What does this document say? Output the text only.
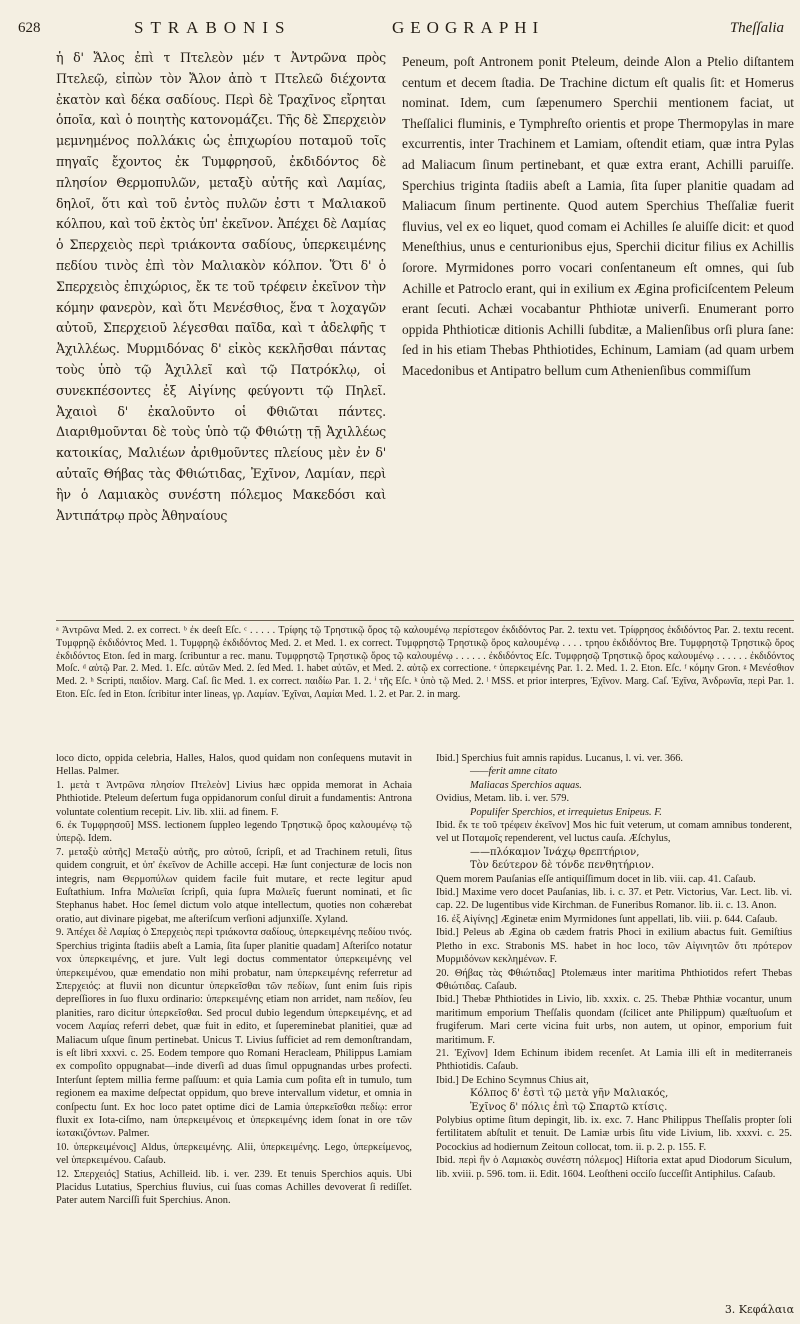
628	STRABONIS	GEOGRAPHI	Theſſalia

ἡ δ' Ἄλος ἐπὶ τ Πτελεὸν μέν τ Ἀντρῶνα πρὸς Πτελεῷ, εἰπὼν τὸν Ἄλον ἀπὸ τ Πτελεῶ διέχοντα ἐκατὸν καὶ δέκα σαδίους. Περὶ δὲ Τραχῖνος εἴρηται ὁποῖα, καὶ ὁ ποιητὴς κατονομάζει. Τῆς δὲ Σπερχειὸν μεμνημένος πολλάκις ὡς ἐπιχωρίου ποταμοῦ τοῖς πηγαῖς ἔχοντος ἐκ Τυμφρησοῦ, ἐκδιδόντος δὲ πλησίον Θερμοπυλῶν, μεταξὺ αὐτῆς καὶ Λαμίας, δηλοῖ, ὅτι καὶ τοῦ ἐντὸς πυλῶν ἐστι τ Μαλιακοῦ κόλπου, καὶ τοῦ ἐκτὸς ὑπ' ἐκεῖνον. Ἀπέχει δὲ Λαμίας ὁ Σπερχειὸς περὶ τριάκοντα σαδίους, ὑπερκειμένης πεδίου τινὸς ἐπὶ τὸν Μαλιακὸν κόλπον. Ὅτι δ' ὁ Σπερχειὸς ἐπιχώριος, ἔκ τε τοῦ τρέφειν ἐκεῖνον τὴν κόμην φανερὸν, καὶ ὅτι Μενέσθιος, ἕνα τ λοχαγῶν αὐτοῦ, Σπερχειοῦ λέγεσθαι παῖδα, καὶ τ ἀδελφῆς τ Ἀχιλλέως. Μυρμιδόνας δ' εἰκὸς κεκλῆσθαι πάντας τοὺς ὑπὸ τῷ Ἀχιλλεῖ καὶ τῷ Πατρόκλῳ, οἱ συνεκπέσοντες ἐξ Αἰγίνης φεύγοντι τῷ Πηλεῖ. Ἀχαιοὶ δ' ἐκαλοῦντο οἱ Φθιῶται πάντες. Διαριθμοῦνται δὲ τοὺς ὑπὸ τῷ Φθιώτῃ τῇ Ἀχιλλέως κατοικίας, Μαλιέων ἀριθμοῦντες πλείους μὲν ἐν δ' αὐταῖς Θήβας τὰς Φθιώτιδας, Ἐχῖνον, Λαμίαν, περὶ ἣν ὁ Λαμιακὸς συνέστη πόλεμος Μακεδόσι καὶ Ἀντιπάτρῳ πρὸς Ἀθηναίους

Peneum, poſt Antronem ponit Pteleum, deinde Alon a Ptelio diſtantem centum et decem ſtadia. De Trachine dictum eſt qualis ſit: et Homerus nominat. Idem, cum ſæpenumero Sperchii mentionem faciat, ut Theſſalici fluminis, e Tymphreſto orientis et prope Thermopylas in mare excurrentis, inter Trachinem et Lamiam, oſtendit etiam, quæ intra Pylas ad Maliacum ſinum pertinebant, et quæ extra erant, Achilli paruiſſe. Sperchius triginta ſtadiis abeſt a Lamia, ſita ſuper planitie quadam ad Maliacum ſinum pertinente. Quod autem Sperchius Theſſaliæ fuerit fluvius, vel ex eo liquet, quod comam ei Achilles ſe aluiſſe dicit: et quod Meneſthius, unus e centurionibus ejus, Sperchii dicitur filius ex Achillis ſorore. Myrmidones porro vocari conſentaneum eſt omnes, qui ſub Achille et Patroclo erant, qui in exilium ex Ægina proficiſcentem Peleum erant ſecuti. Achæi vocabantur Phthiotæ univerſi. Enumerant porro oppida Phthioticæ ditionis Achilli ſubditæ, a Malienſibus orſi plura ſane: ſed in his etiam Thebas Phthiotides, Echinum, Lamiam (ad quam urbem Macedonibus et Antipatro bellum cum Athenienſibus commiſſum

ᵃ Ἀντρῶνα Med. 2. ex correct. ᵇ ἐκ deeſt Eſc. ᶜ . . . . . Τρίφης τῷ Τρηστικῷ ὄρος τῷ καλουμένῳ περίστεϱον ἐκδιδόντος Par. 2. textu vet. Τρίφρησος ἐκδιδόντος Par. 2. textu recent. Τυμφρηῷ ἐκδιδόντος Med. 1. Τυμφρηῷ ἐκδιδόντος Med. 2. et Med. 1. ex correct. Τυμφρηστῷ Τρηστικῷ ὄρος καλουμένῳ . . . . τρηου ἐκδιδόντος Bre. Τυμφρηστῷ Τρηστικῷ ὄρος ἐκδιδόντος Eton. ſed in marg. ſcribuntur a rec. manu. Τυμφρηστῷ Τρηστικῷ ὄρος τῷ καλουμένῳ . . . . . . ἐκδιδόντος Eſc. Τυμφρησῷ Τρηστικῷ ὄρος καλουμένῳ . . . . . . ἐκδιδόντος Moſc. ᵈ αὐτῷ Par. 2. Med. 1. Eſc. αὐτῶν Med. 2. ſed Med. 1. habet αὐτῶν, et Med. 2. αὐτῷ ex correctione. ᵉ ὑπερκειμένης Par. 1. 2. Med. 1. 2. Eton. Eſc. ᶠ κόμην Gron. ᵍ Μενέσθιον Med. 2. ʰ Scripti, παιδίον. Marg. Caſ. ſic Med. 1. ex correct. παιδίω Par. 1. 2. ⁱ τῆς Eſc. ᵏ ὑπὸ τῷ Med. 2. ˡ MSS. et prior interpres, Ἐχῖνον. Marg. Caſ. Ἐχῖνα, Ἀνδρωνῖα, περὶ Par. 1. Eton. Eſc. ſed in Eton. ſcribitur inter lineas, γρ. Λαμίαν. Ἐχῖναι, Λαμίαι Med. 1. 2. et Par. 2. in marg.

loco dicto, oppida celebria, Halles, Halos, quod quidam non conſequens mutavit in Hellas. Palmer.

1. μετὰ τ Ἀντρῶνα πλησίον Πτελεὸν] Livius hæc oppida memorat in Achaia Phthiotide. Pteleum deſertum fuga oppidanorum conſul diruit a fundamentis: Antrona voluntate colentium recepit. Liv. lib. xlii. ad finem. F.

6. ἐκ Τυμφρησοῦ] MSS. lectionem ſuppleo legendo Τρηστικῷ ὄρος καλουμένῳ τῷ ὑπερῷ. Idem.

7. μεταξὺ αὐτῆς] Μεταξὺ αὐτῆς, pro αὐτοῦ, ſcripſi, et ad Trachinem retuli, ſitus quidem congruit, et ὑπ' ἐκεῖνον de Achille accepi. Hæ ſunt conjecturæ de locis non integris, nam Θερμοπύλων quidem facile fuit mutare, et recte legitur apud Euſtathium. Infra Μαλιεῖαι ſcripſi, quia ſupra Μαλιεῖς fuerunt nominati, et ſic Stephanus habet. Hoc ſemel dictum volo atque intellectum, quoties non cohærebat oratio, aut divinare pigebat, me aſteriſcum verſioni adjunxiſſe. Xyland.

9. Ἀπέχει δὲ Λαμίας ὁ Σπερχειὸς περὶ τριάκοντα σαδίους, ὑπερκειμένης πεδίου τινός. Sperchius triginta ſtadiis abeſt a Lamia, ſita ſuper planitie quadam] Aſteriſco notatur vox ὑπερκειμένης, et jure. Vult legi doctus commentator ὑπερκειμένης vel ὑπερκειμένου, quæ emendatio non mihi probatur, nam ὑπερκειμένης referretur ad Σπερχειός: at fluvii non dicuntur ὑπερκεῖσθαι τῶν πεδίων, ſunt enim ſuis ripis depreſſiores in ſuo fluxu ordinario: ὑπερκειμένης etiam non arridet, nam πεδίον, ſeu planities, raro dicitur ὑπερκεῖσθαι. Sed procul dubio legendum ὑπερκειμένης, et ad vocem Λαμίας referri debet, quæ fuit in edito, et ſupereminebat planitiei, quæ ad Maliacum uſque ſinum pertinebat. Unicus T. Livius ſufficiet ad rem demonſtrandam, is eſt libri xxxvi. c. 25. Eodem tempore quo Romani Heracleam, Philippus Lamiam ex compoſito oppugnabat—inde diverſi ad duas ſimul oppugnandas urbes profecti. Interſunt ſeptem millia ferme paſſuum: et quia Lamia cum poſita eſt in tumulo, tum regionem ea maxime deſpectat oppidum, quo breve intervallum videtur, et omnia in conſpectu ſunt. Ex hoc loco patet optime dici de Lamia ὑπερκεῖσθαι πεδίῳ: error fluxit ex Iota-ciſmo, nam ὑπερκειμένοις et ὑπερκειμένης idem ſonat in ore τῶν ἰωτακιζόντων. Palmer.

10. ὑπερκειμένοις] Aldus, ὑπερκειμένης. Alii, ὑπερκειμένης. Lego, ὑπερκείμενος, vel ὑπερκειμένου. Caſaub.

12. Σπερχειός] Statius, Achilleid. lib. i. ver. 239. Et tenuis Sperchios aquis. Ubi Placidus Lutatius, Sperchius fluvius, cui ſuas comas Achilles devoverat ſi rediſſet. Pater autem Narciſſi fuit Sperchius. Anon.

Ibid.] Sperchius fuit amnis rapidus. Lucanus, l. vi. ver. 366.

——ferit amne citato

Maliacas Sperchios aquas.

Ovidius, Metam. lib. i. ver. 579.

Populifer Sperchios, et irrequietus Enipeus. F.

Ibid. ἔκ τε τοῦ τρέφειν ἐκεῖνον] Mos hic fuit veterum, ut comam amnibus tonderent, vel ut Ποταμοῖς rependerent, vel luctus cauſa. Æſchylus,

——πλόκαμον Ἰνάχῳ θρεπτήριον,

Τὸν δεύτερον δὲ τόνδε πενθητήριον.

Quem morem Pauſanias eſſe antiquiſſimum docet in lib. viii. cap. 41. Caſaub.

Ibid.] Maxime vero docet Pauſanias, lib. i. c. 37. et Petr. Victorius, Var. Lect. lib. vi. cap. 22. De lugentibus vide Kirchman. de Funeribus Romanor. lib. ii. c. 13. Anon.

16. ἐξ Αἰγίνης] Æginetæ enim Myrmidones ſunt appellati, lib. viii. p. 644. Caſaub.

Ibid.] Peleus ab Ægina ob cædem fratris Phoci in exilium abactus fuit. Gemiſtius Pletho in exc. Strabonis MS. habet in hoc loco, τῶν Αἰγινητῶν ὅτι πρότερον Μυρμιδόνων κεκλημένων. F.

20. Θήβας τὰς Φθιώτιδας] Ptolemæus inter maritima Phthiotidos refert Thebas Φθιώτιδας. Caſaub.

Ibid.] Thebæ Phthiotides in Livio, lib. xxxix. c. 25. Thebæ Phthiæ vocantur, unum maritimum emporium Theſſalis quondam (ſcilicet ante Philippum) quæſtuoſum et frugiferum. Mari certe vicina fuit urbs, non autem, ut opinor, emporium fuit maritimum. F.

21. Ἐχῖνον] Idem Echinum ibidem recenſet. At Lamia illi eſt in mediterraneis Phthiotidis. Caſaub.

Ibid.] De Echino Scymnus Chius ait,

Κόλπος δ' ἐστὶ τῷ μετὰ γῆν Μαλιακός,

Ἐχῖνος δ' πόλις ἐπὶ τῷ Σπαρτῶ κτίσις.

Polybius optime ſitum depingit, lib. ix. exc. 7. Hanc Philippus Theſſalis propter ſoli fertilitatem abſtulit et tenuit. De Lamiæ urbis ſitu vide Livium, lib. xxxvi. c. 25. Pocockius ad hodiernum Zeitoun collocat, tom. ii. p. 2. p. 155. F.

Ibid. περὶ ἣν ὁ Λαμιακὸς συνέστη πόλεμος] Hiſtoria extat apud Diodorum Siculum, lib. xviii. p. 596. tom. ii. Edit. 1604. Leoſtheni occiſo ſucceſſit Antiphilus. Caſaub.

3. Κεφάλαια
